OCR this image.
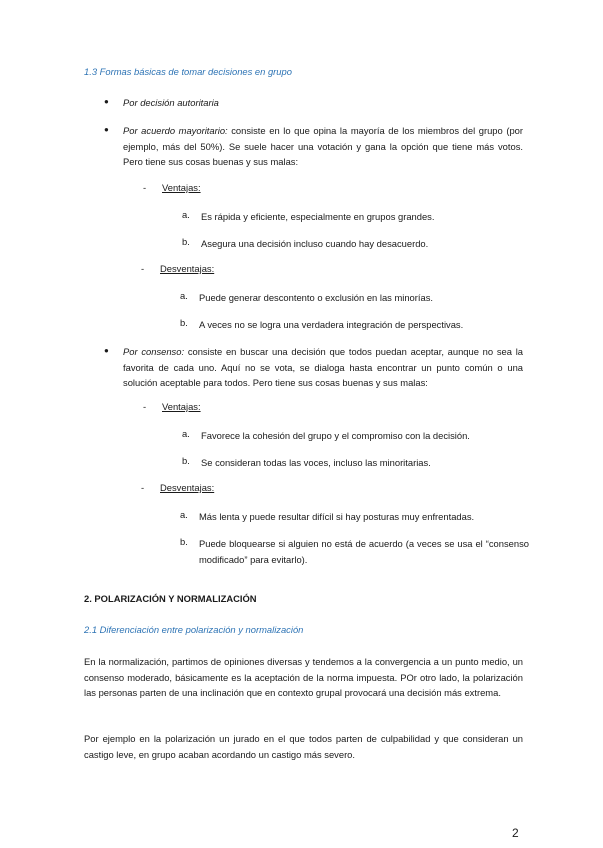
1.3 Formas básicas de tomar decisiones en grupo
● Por decisión autoritaria
● Por acuerdo mayoritario: consiste en lo que opina la mayoría de los miembros del grupo (por ejemplo, más del 50%). Se suele hacer una votación y gana la opción que tiene más votos. Pero tiene sus cosas buenas y sus malas:
- Ventajas:
a. Es rápida y eficiente, especialmente en grupos grandes.
b. Asegura una decisión incluso cuando hay desacuerdo.
- Desventajas:
a. Puede generar descontento o exclusión en las minorías.
b. A veces no se logra una verdadera integración de perspectivas.
● Por consenso: consiste en buscar una decisión que todos puedan aceptar, aunque no sea la favorita de cada uno. Aquí no se vota, se dialoga hasta encontrar un punto común o una solución aceptable para todos. Pero tiene sus cosas buenas y sus malas:
- Ventajas:
a. Favorece la cohesión del grupo y el compromiso con la decisión.
b. Se consideran todas las voces, incluso las minoritarias.
- Desventajas:
a. Más lenta y puede resultar difícil si hay posturas muy enfrentadas.
b. Puede bloquearse si alguien no está de acuerdo (a veces se usa el “consenso modificado” para evitarlo).
2. POLARIZACIÓN Y NORMALIZACIÓN
2.1 Diferenciación entre polarización y normalización
En la normalización, partimos de opiniones diversas y tendemos a la convergencia a un punto medio, un consenso moderado, básicamente es la aceptación de la norma impuesta. POr otro lado, la polarización las personas parten de una inclinación que en contexto grupal provocará una decisión más extrema.
Por ejemplo en la polarización un jurado en el que todos parten de culpabilidad y que consideran un castigo leve, en grupo acaban acordando un castigo más severo.
2
